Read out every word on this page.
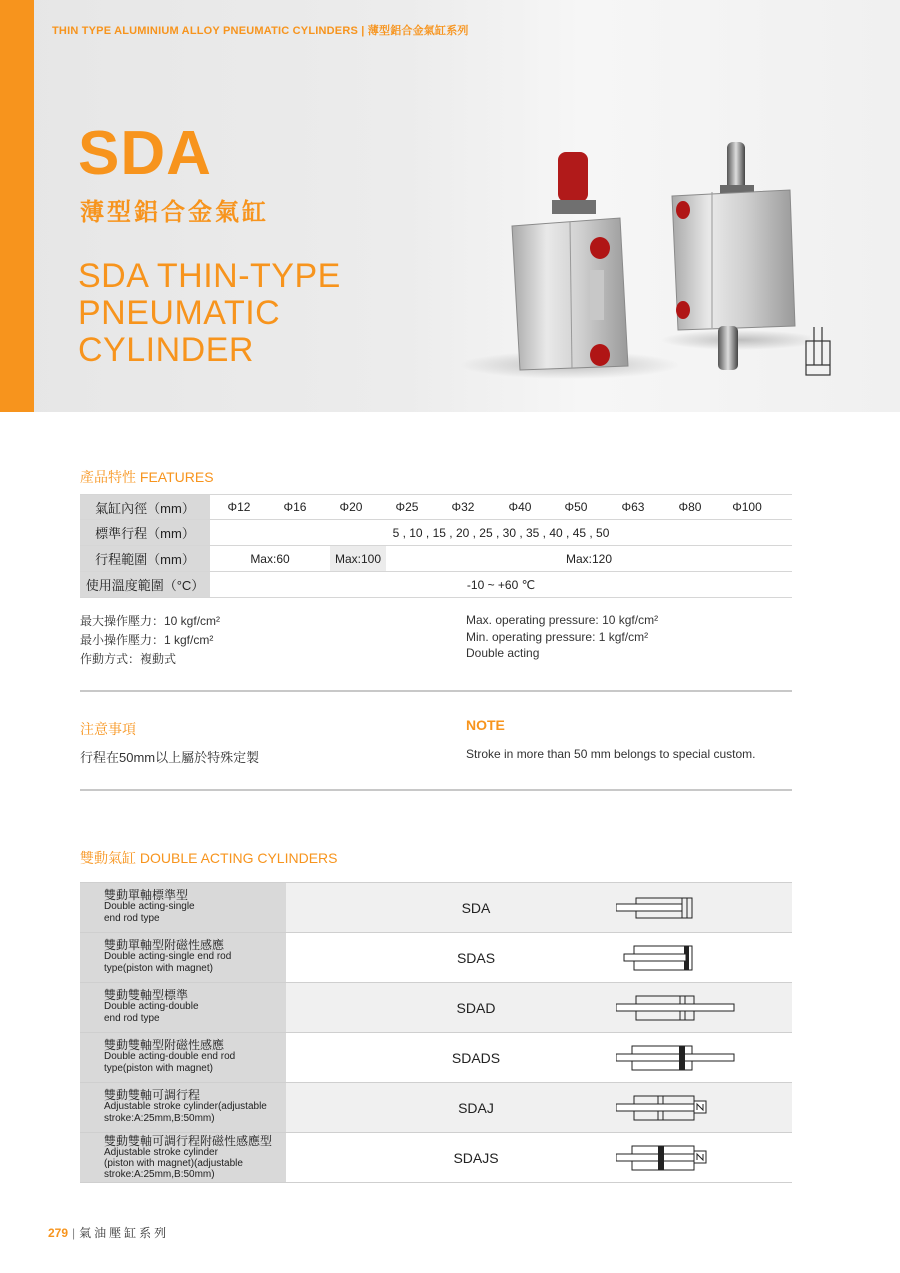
THIN TYPE ALUMINIUM ALLOY PNEUMATIC CYLINDERS | 薄型鋁合金氣缸系列
SDA
薄型鋁合金氣缸
SDA THIN-TYPE
PNEUMATIC
CYLINDER
產品特性 FEATURES
氣缸內徑（mm）	Φ12	Φ16	Φ20	Φ25	Φ32	Φ40	Φ50	Φ63	Φ80	Φ100
標準行程（mm）	5 , 10 , 15 , 20 , 25 , 30 , 35 , 40 , 45 , 50
行程範圍（mm）	Max:60	Max:100	Max:120
使用溫度範圍（°C）	-10 ~ +60 ℃
最大操作壓力：10 kgf/cm²
最小操作壓力：1 kgf/cm²
作動方式：複動式
Max. operating pressure: 10 kgf/cm²
Min. operating pressure: 1 kgf/cm²
Double acting
注意事項	NOTE
行程在50mm以上屬於特殊定製	Stroke in more than 50 mm belongs to special custom.
雙動氣缸 DOUBLE ACTING CYLINDERS
雙動單軸標準型
Double acting-single
end rod type
SDA
雙動單軸型附磁性感應
Double acting-single end rod
type(piston with magnet)
SDAS
雙動雙軸型標準
Double acting-double
end rod type
SDAD
雙動雙軸型附磁性感應
Double acting-double end rod
type(piston with magnet)
SDADS
雙動雙軸可調行程
Adjustable stroke cylinder(adjustable
stroke:A:25mm,B:50mm)
SDAJ
雙動雙軸可調行程附磁性感應型
Adjustable stroke cylinder
(piston with magnet)(adjustable
stroke:A:25mm,B:50mm)
SDAJS
279 | 氣油壓缸系列
